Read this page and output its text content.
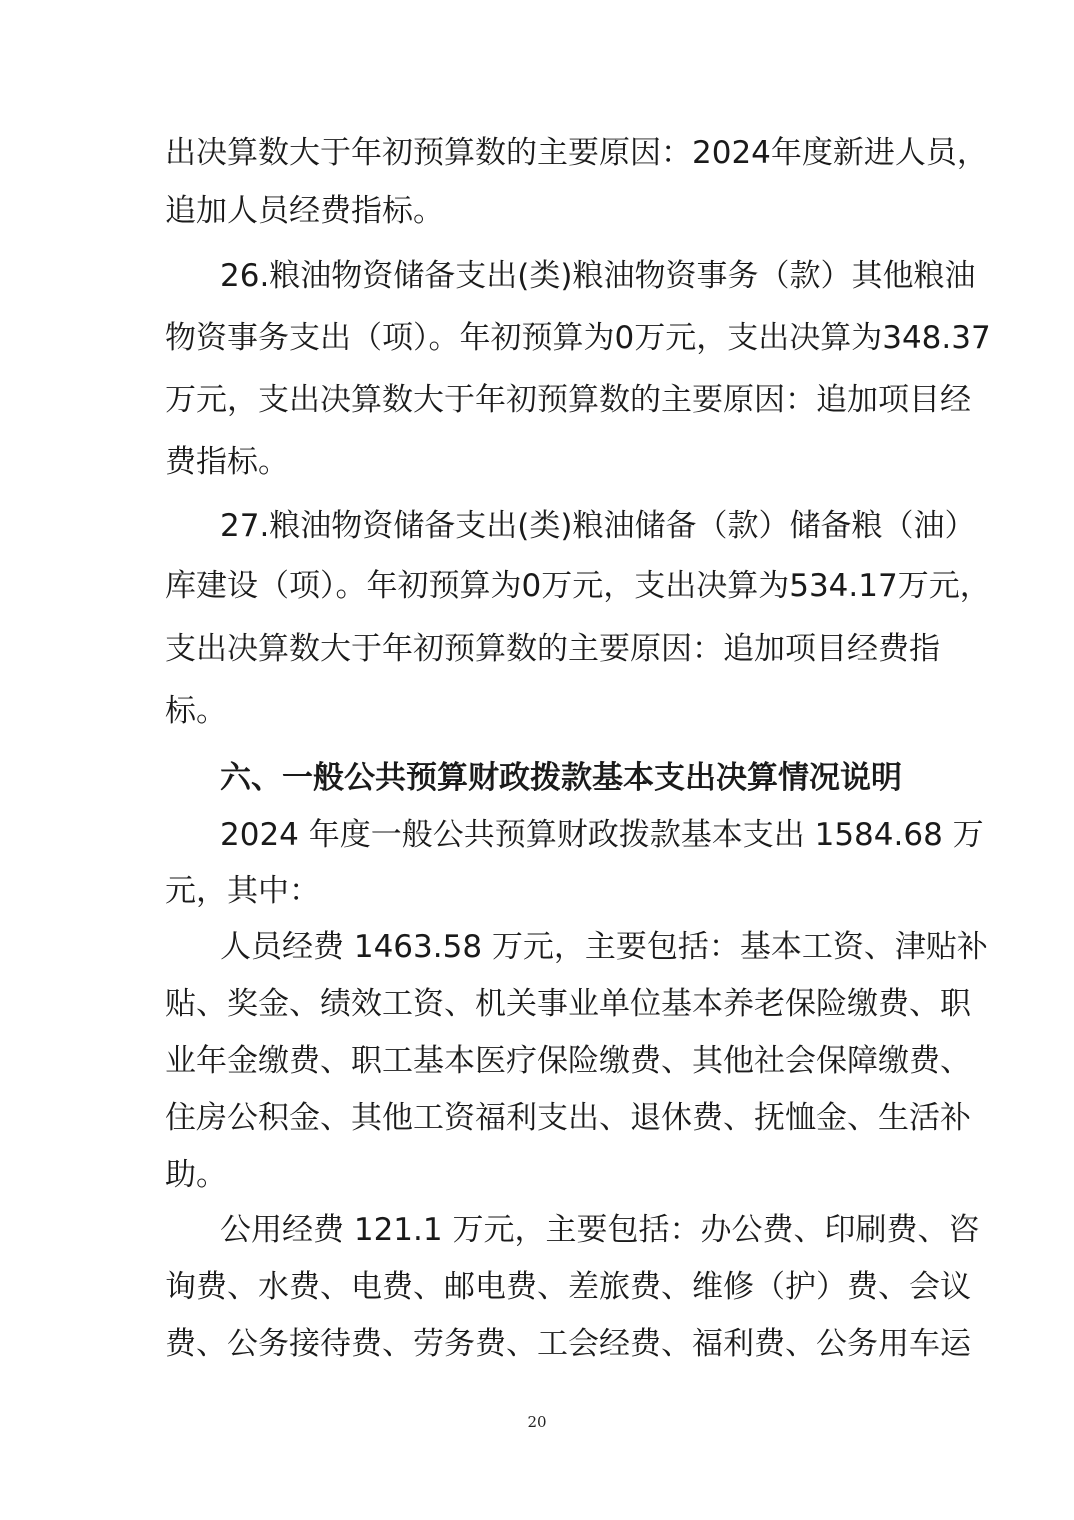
出决算数大于年初预算数的主要原因：2024年度新进人员，
追加人员经费指标。
26.粮油物资储备支出(类)粮油物资事务（款）其他粮油
物资事务支出（项）。年初预算为0万元，支出决算为348.37
万元，支出决算数大于年初预算数的主要原因：追加项目经
费指标。
27.粮油物资储备支出(类)粮油储备（款）储备粮（油）
库建设（项）。年初预算为0万元，支出决算为534.17万元，
支出决算数大于年初预算数的主要原因：追加项目经费指
标。
六、一般公共预算财政拨款基本支出决算情况说明
2024 年度一般公共预算财政拨款基本支出 1584.68 万
元，其中：
人员经费 1463.58 万元，主要包括：基本工资、津贴补
贴、奖金、绩效工资、机关事业单位基本养老保险缴费、职
业年金缴费、职工基本医疗保险缴费、其他社会保障缴费、
住房公积金、其他工资福利支出、退休费、抚恤金、生活补
助。
公用经费 121.1 万元，主要包括：办公费、印刷费、咨
询费、水费、电费、邮电费、差旅费、维修（护）费、会议
费、公务接待费、劳务费、工会经费、福利费、公务用车运
20
